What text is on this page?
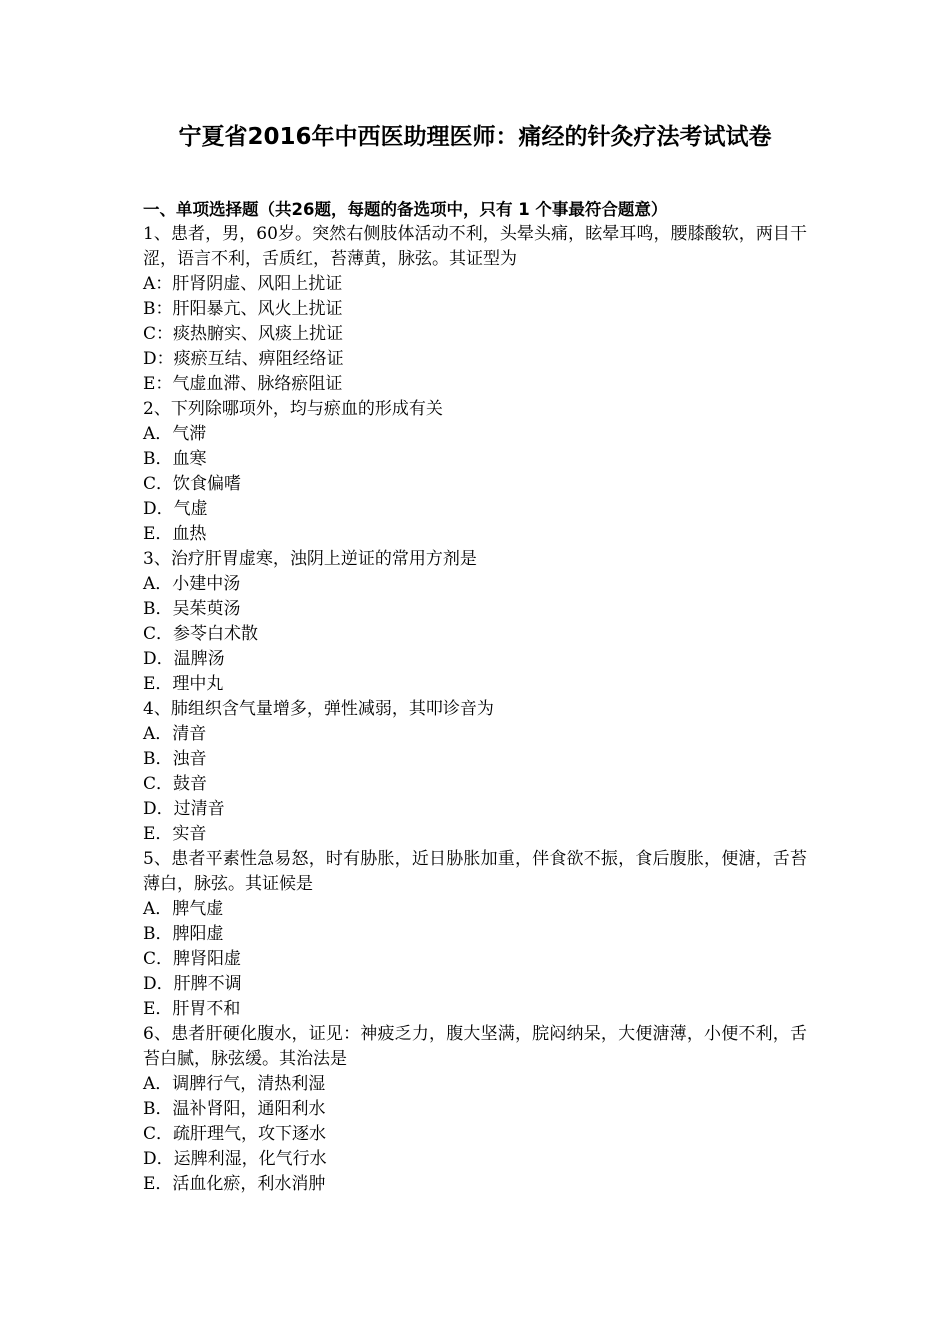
宁夏省2016年中西医助理医师：痛经的针灸疗法考试试卷
一、单项选择题（共26题，每题的备选项中，只有 1 个事最符合题意）
1、患者，男，60岁。突然右侧肢体活动不利，头晕头痛，眩晕耳鸣，腰膝酸软，两目干涩，语言不利，舌质红，苔薄黄，脉弦。其证型为
A：肝肾阴虚、风阳上扰证
B：肝阳暴亢、风火上扰证
C：痰热腑实、风痰上扰证
D：痰瘀互结、痹阻经络证
E：气虚血滞、脉络瘀阻证
2、下列除哪项外，均与瘀血的形成有关
A．气滞
B．血寒
C．饮食偏嗜
D．气虚
E．血热
3、治疗肝胃虚寒，浊阴上逆证的常用方剂是
A．小建中汤
B．吴茱萸汤
C．参苓白术散
D．温脾汤
E．理中丸
4、肺组织含气量增多，弹性减弱，其叩诊音为
A．清音
B．浊音
C．鼓音
D．过清音
E．实音
5、患者平素性急易怒，时有胁胀，近日胁胀加重，伴食欲不振，食后腹胀，便溏，舌苔薄白，脉弦。其证候是
A．脾气虚
B．脾阳虚
C．脾肾阳虚
D．肝脾不调
E．肝胃不和
6、患者肝硬化腹水，证见：神疲乏力，腹大坚满，脘闷纳呆，大便溏薄，小便不利，舌苔白腻，脉弦缓。其治法是
A．调脾行气，清热利湿
B．温补肾阳，通阳利水
C．疏肝理气，攻下逐水
D．运脾利湿，化气行水
E．活血化瘀，利水消肿
